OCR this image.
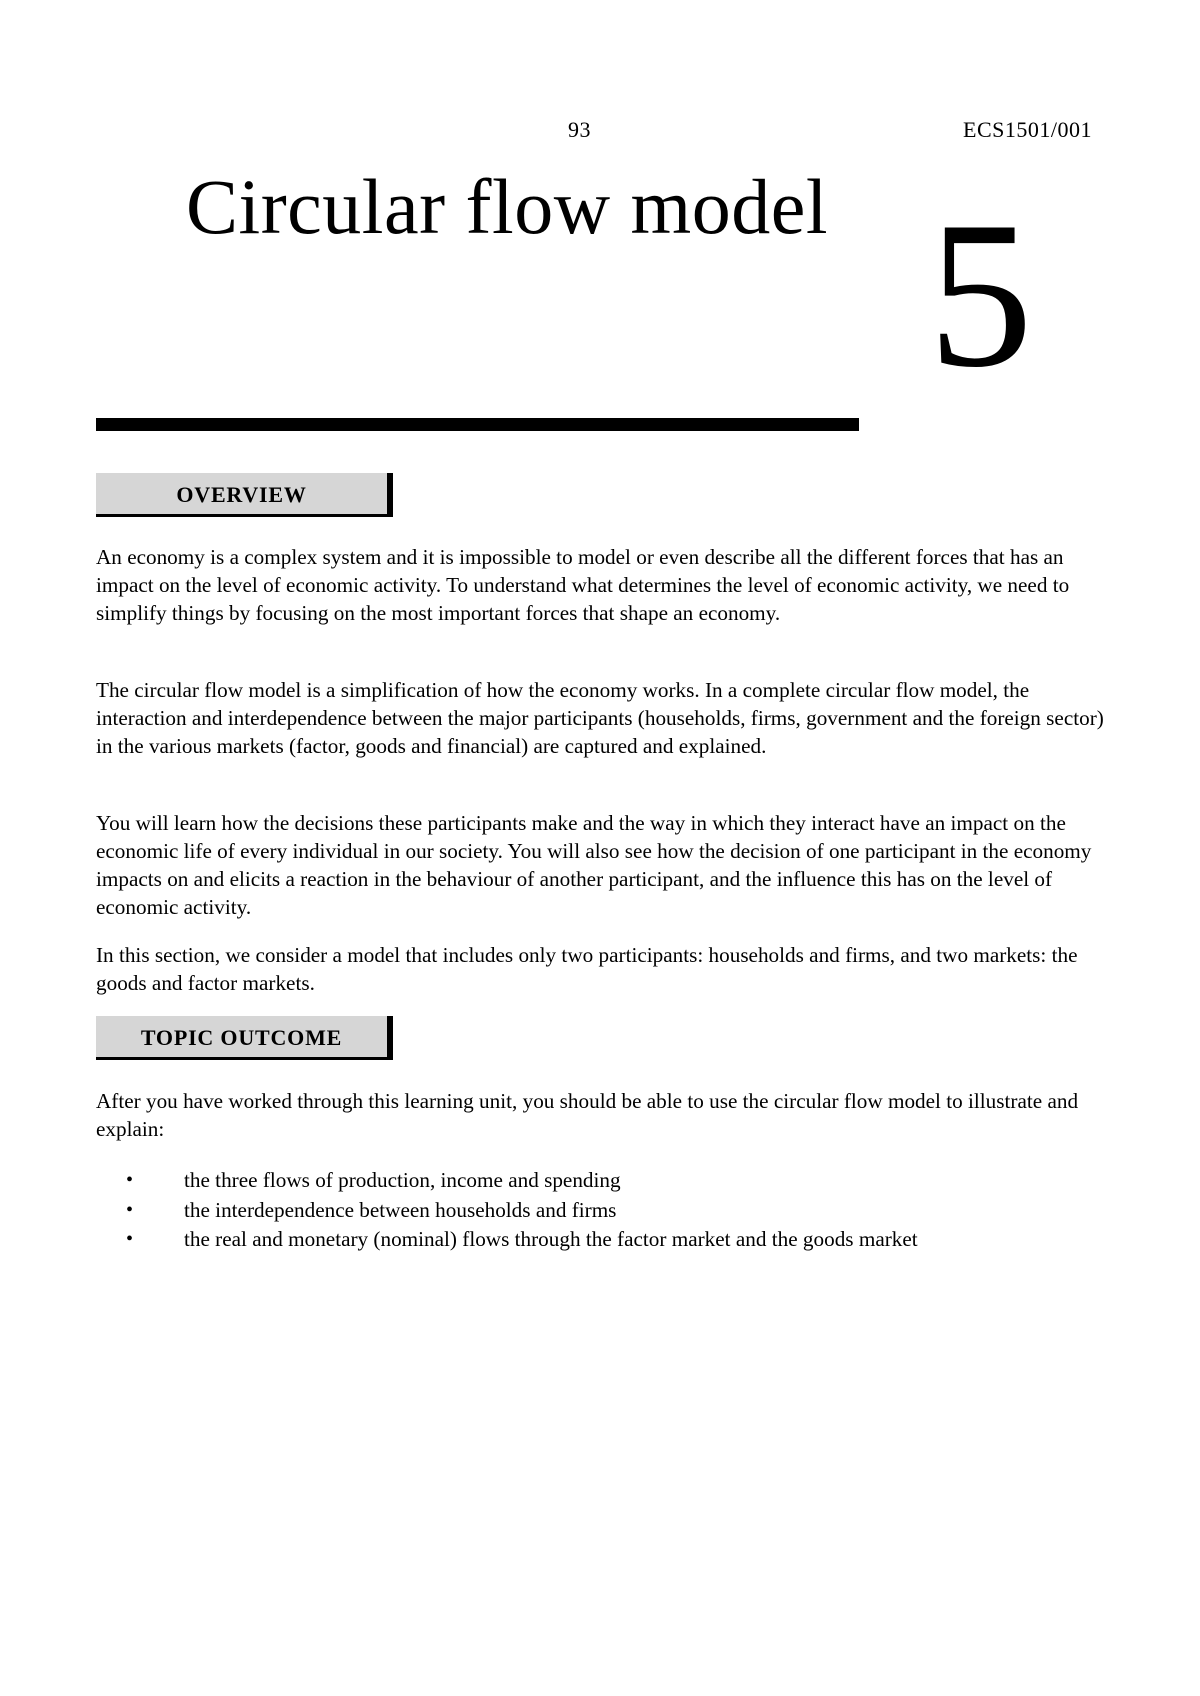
93	ECS1501/001
Circular flow model 5
OVERVIEW

An economy is a complex system and it is impossible to model or even describe all the different forces that has an impact on the level of economic activity. To understand what determines the level of economic activity, we need to simplify things by focusing on the most important forces that shape an economy.

The circular flow model is a simplification of how the economy works. In a complete circular flow model, the interaction and interdependence between the major participants (households, firms, government and the foreign sector) in the various markets (factor, goods and financial) are captured and explained.

You will learn how the decisions these participants make and the way in which they interact have an impact on the economic life of every individual in our society. You will also see how the decision of one participant in the economy impacts on and elicits a reaction in the behaviour of another participant, and the influence this has on the level of economic activity.

In this section, we consider a model that includes only two participants: households and firms, and two markets: the goods and factor markets.

TOPIC OUTCOME

After you have worked through this learning unit, you should be able to use the circular flow model to illustrate and explain:

• the three flows of production, income and spending
• the interdependence between households and firms
• the real and monetary (nominal) flows through the factor market and the goods market
